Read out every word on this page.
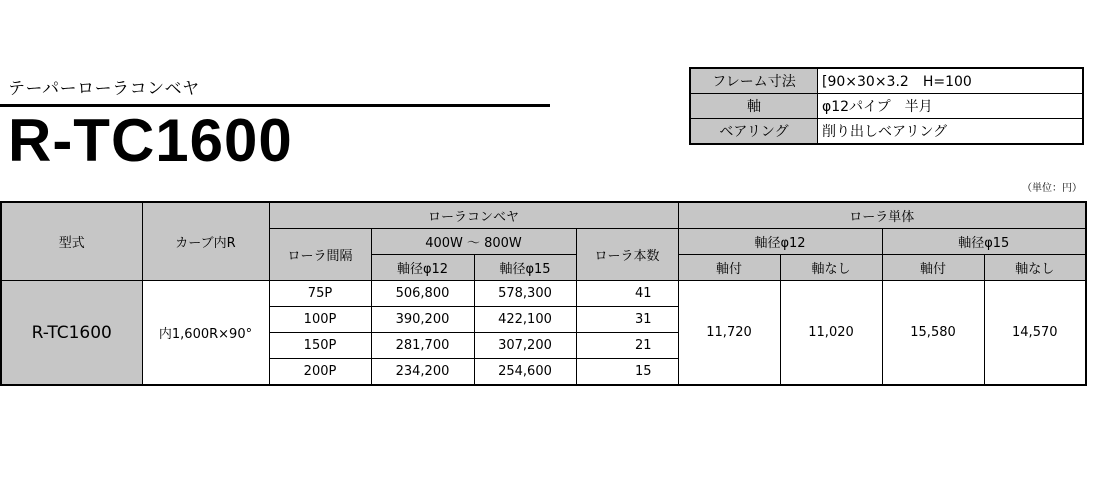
テーパーローラコンベヤ
R-TC1600
フレーム寸法	[90×30×3.2　H=100
軸	φ12パイプ　半月
ベアリング	削り出しベアリング
（単位：円）
型式	カーブ内R	ローラコンベヤ				ローラ単体			
		ローラ間隔	400W 〜 800W		ローラ本数	軸径φ12		軸径φ15	
			軸径φ12	軸径φ15		軸付	軸なし	軸付	軸なし
R-TC1600	内1,600R×90°	75P	506,800	578,300	41	11,720	11,020	15,580	14,570
		100P	390,200	422,100	31				
		150P	281,700	307,200	21				
		200P	234,200	254,600	15				
